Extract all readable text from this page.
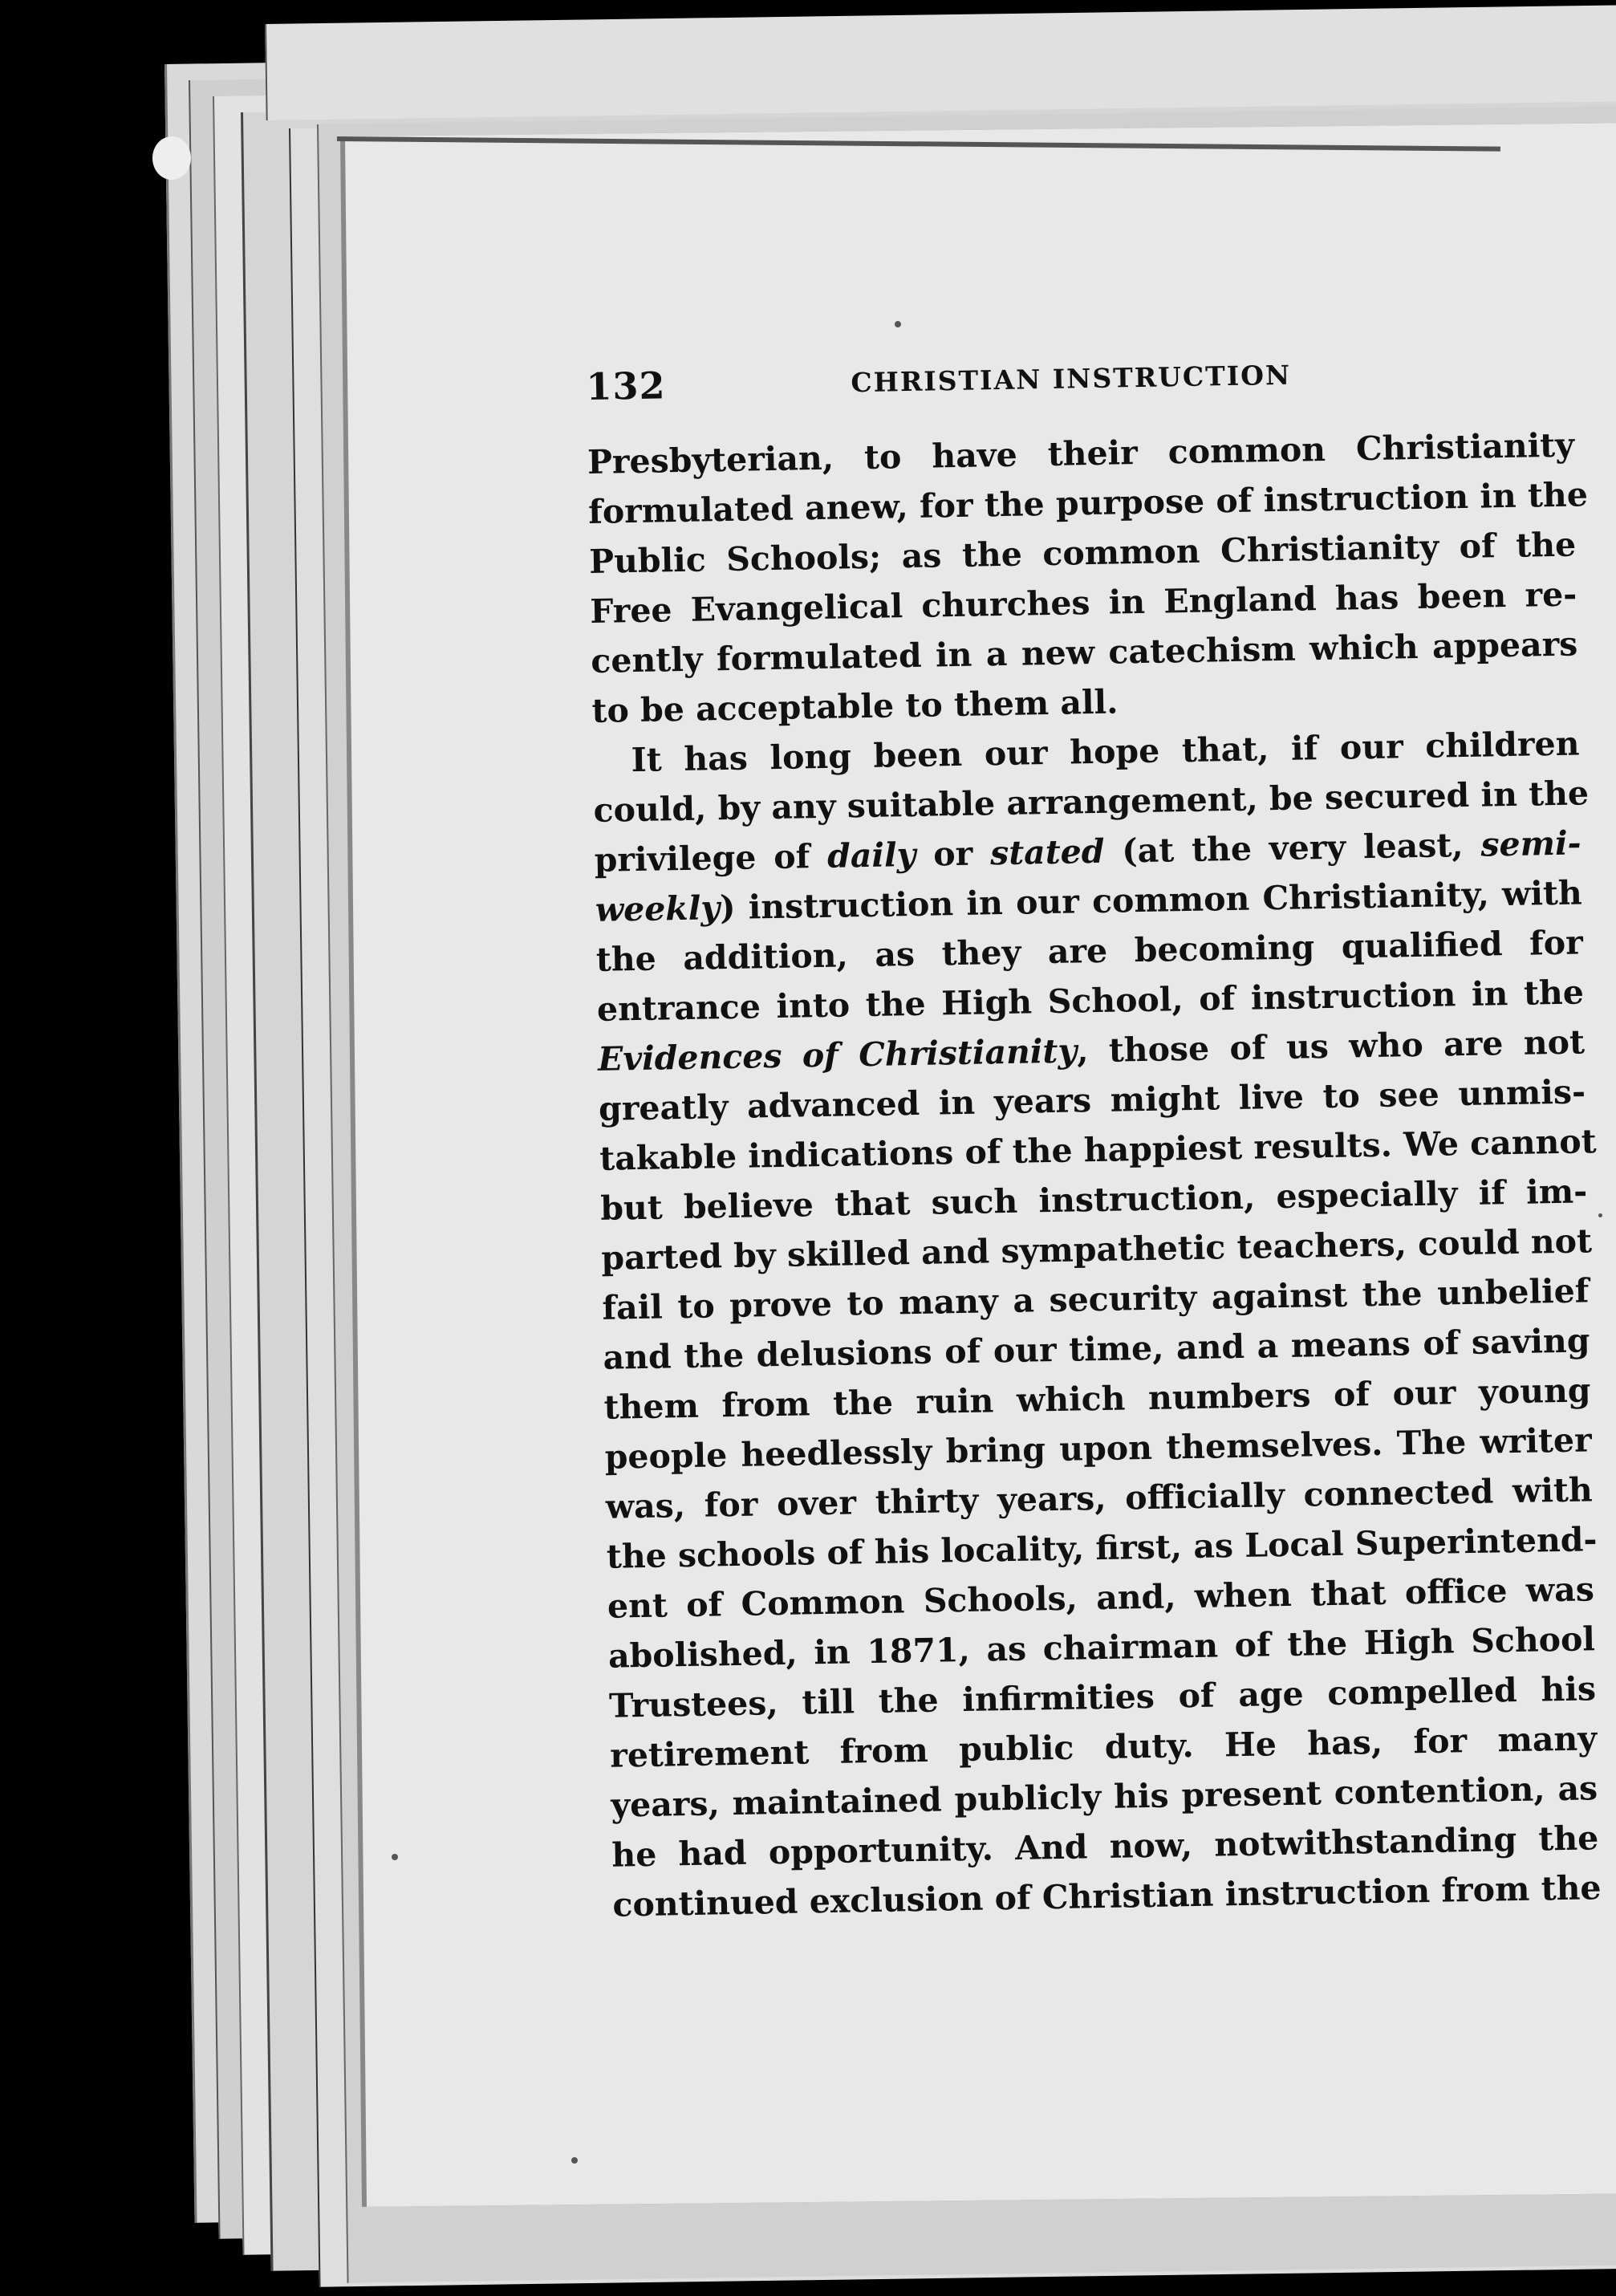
132	CHRISTIAN INSTRUCTION
Presbyterian, to have their common Christianity
formulated anew, for the purpose of instruction in the
Public Schools; as the common Christianity of the
Free Evangelical churches in England has been re-
cently formulated in a new catechism which appears
to be acceptable to them all.
It has long been our hope that, if our children
could, by any suitable arrangement, be secured in the
privilege of daily or stated (at the very least, semi-
weekly) instruction in our common Christianity, with
the addition, as they are becoming qualified for
entrance into the High School, of instruction in the
Evidences of Christianity, those of us who are not
greatly advanced in years might live to see unmis-
takable indications of the happiest results. We cannot
but believe that such instruction, especially if im-
parted by skilled and sympathetic teachers, could not
fail to prove to many a security against the unbelief
and the delusions of our time, and a means of saving
them from the ruin which numbers of our young
people heedlessly bring upon themselves. The writer
was, for over thirty years, officially connected with
the schools of his locality, first, as Local Superintend-
ent of Common Schools, and, when that office was
abolished, in 1871, as chairman of the High School
Trustees, till the infirmities of age compelled his
retirement from public duty. He has, for many
years, maintained publicly his present contention, as
he had opportunity. And now, notwithstanding the
continued exclusion of Christian instruction from the
